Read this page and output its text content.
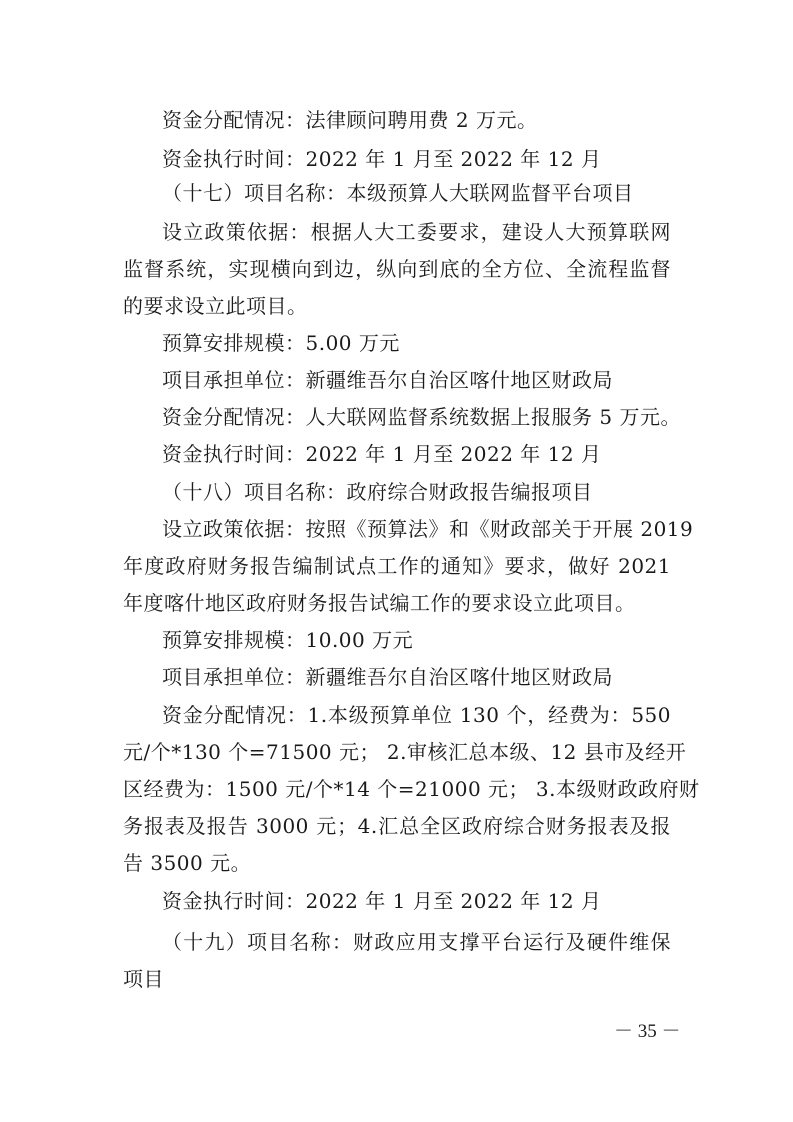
资金分配情况：法律顾问聘用费 2 万元。
资金执行时间：2022 年 1 月至 2022 年 12 月
（十七）项目名称：本级预算人大联网监督平台项目
设立政策依据：根据人大工委要求，建设人大预算联网
监督系统，实现横向到边，纵向到底的全方位、全流程监督
的要求设立此项目。
预算安排规模：5.00 万元
项目承担单位：新疆维吾尔自治区喀什地区财政局
资金分配情况：人大联网监督系统数据上报服务 5 万元。
资金执行时间：2022 年 1 月至 2022 年 12 月
（十八）项目名称：政府综合财政报告编报项目
设立政策依据：按照《预算法》和《财政部关于开展 2019
年度政府财务报告编制试点工作的通知》要求，做好 2021
年度喀什地区政府财务报告试编工作的要求设立此项目。
预算安排规模：10.00 万元
项目承担单位：新疆维吾尔自治区喀什地区财政局
资金分配情况：1.本级预算单位 130 个，经费为：550
元/个*130 个=71500 元； 2.审核汇总本级、12 县市及经开
区经费为：1500 元/个*14 个=21000 元； 3.本级财政政府财
务报表及报告 3000 元；4.汇总全区政府综合财务报表及报
告 3500 元。
资金执行时间：2022 年 1 月至 2022 年 12 月
（十九）项目名称：财政应用支撑平台运行及硬件维保
项目
－ 35 －
